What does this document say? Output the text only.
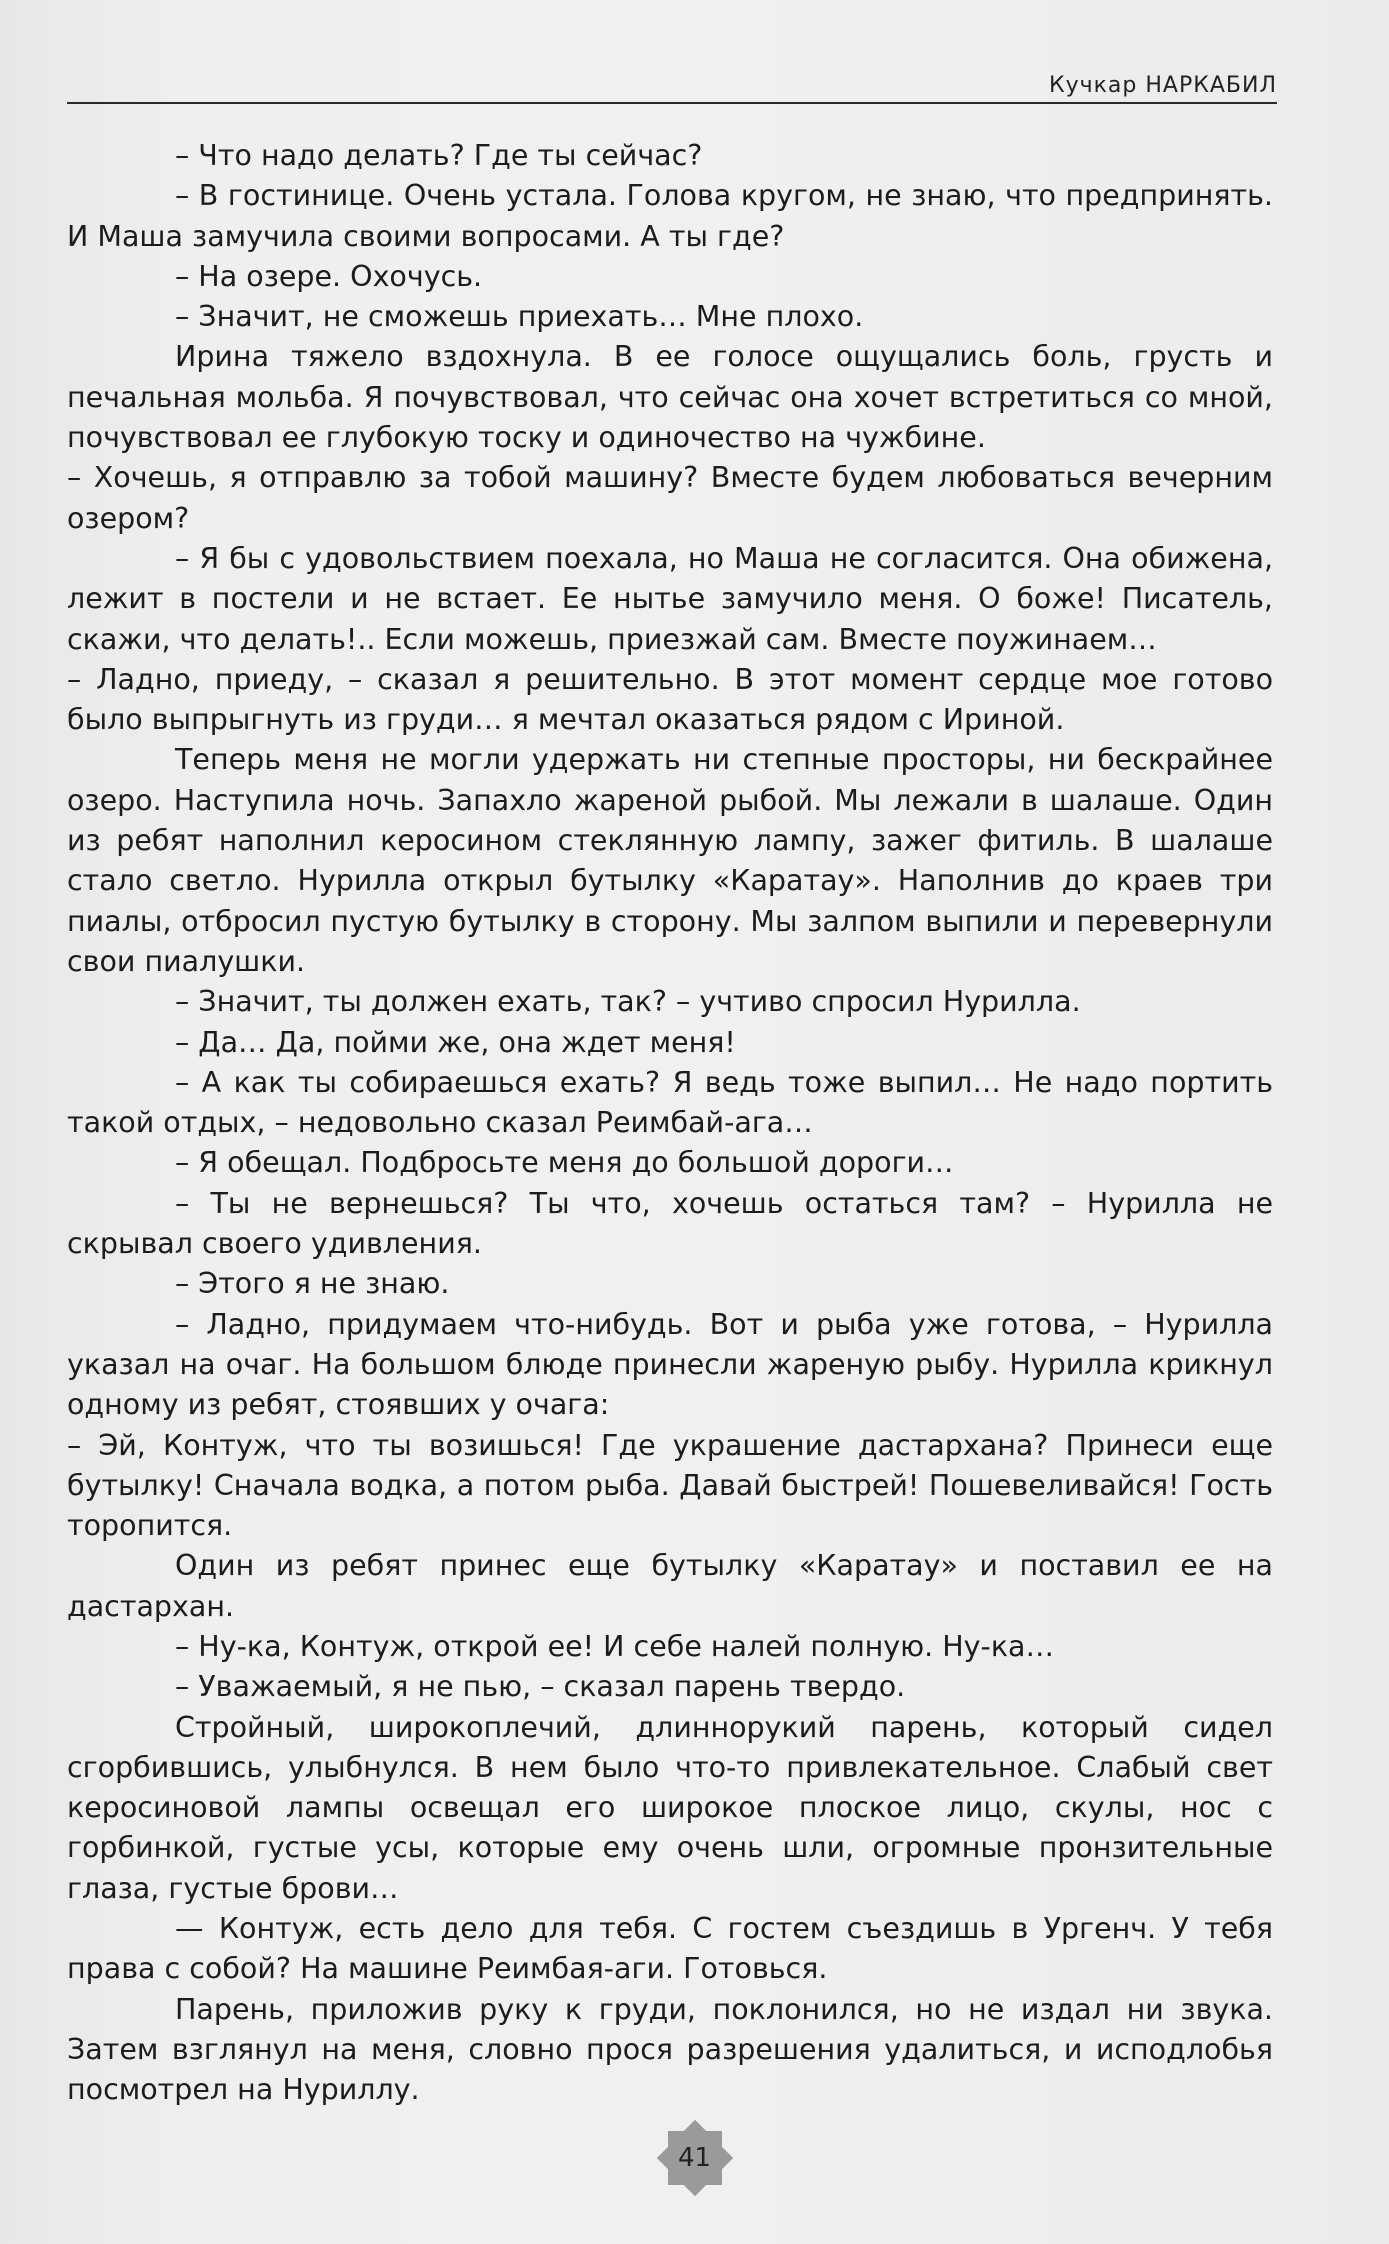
Кучкар НАРКАБИЛ

– Что надо делать? Где ты сейчас?

– В гостинице. Очень устала. Голова кругом, не знаю, что предпринять. И Маша замучила своими вопросами. А ты где?

– На озере. Охочусь.

– Значит, не сможешь приехать… Мне плохо.

Ирина тяжело вздохнула. В ее голосе ощущались боль, грусть и печальная мольба. Я почувствовал, что сейчас она хочет встретиться со мной, почувствовал ее глубокую тоску и одиночество на чужбине.

– Хочешь, я отправлю за тобой машину? Вместе будем любоваться вечерним озером?

– Я бы с удовольствием поехала, но Маша не согласится. Она обижена, лежит в постели и не встает. Ее нытье замучило меня. О боже! Писатель, скажи, что делать!.. Если можешь, приезжай сам. Вместе поужинаем…

– Ладно, приеду, – сказал я решительно. В этот момент сердце мое готово было выпрыгнуть из груди… я мечтал оказаться рядом с Ириной.

Теперь меня не могли удержать ни степные просторы, ни бескрайнее озеро. Наступила ночь. Запахло жареной рыбой. Мы лежали в шалаше. Один из ребят наполнил керосином стеклянную лампу, зажег фитиль. В шалаше стало светло. Нурилла открыл бутылку «Каратау». Наполнив до краев три пиалы, отбросил пустую бутылку в сторону. Мы залпом выпили и перевернули свои пиалушки.

– Значит, ты должен ехать, так? – учтиво спросил Нурилла.

– Да… Да, пойми же, она ждет меня!

– А как ты собираешься ехать? Я ведь тоже выпил… Не надо портить такой отдых, – недовольно сказал Реимбай-ага…

– Я обещал. Подбросьте меня до большой дороги…

– Ты не вернешься? Ты что, хочешь остаться там? – Нурилла не скрывал своего удивления.

– Этого я не знаю.

– Ладно, придумаем что-нибудь. Вот и рыба уже готова, – Нурилла указал на очаг. На большом блюде принесли жареную рыбу. Нурилла крикнул одному из ребят, стоявших у очага:

– Эй, Контуж, что ты возишься! Где украшение дастархана? Принеси еще бутылку! Сначала водка, а потом рыба. Давай быстрей! Пошевеливайся! Гость торопится.

Один из ребят принес еще бутылку «Каратау» и поставил ее на дастархан.

– Ну-ка, Контуж, открой ее! И себе налей полную. Ну-ка…

– Уважаемый, я не пью, – сказал парень твердо.

Стройный, широкоплечий, длиннорукий парень, который сидел сгорбившись, улыбнулся. В нем было что-то привлекательное. Слабый свет керосиновой лампы освещал его широкое плоское лицо, скулы, нос с горбинкой, густые усы, которые ему очень шли, огромные пронзительные глаза, густые брови…

— Контуж, есть дело для тебя. С гостем съездишь в Ургенч. У тебя права с собой? На машине Реимбая-аги. Готовься.

Парень, приложив руку к груди, поклонился, но не издал ни звука. Затем взглянул на меня, словно прося разрешения удалиться, и исподлобья посмотрел на Нуриллу.

41
